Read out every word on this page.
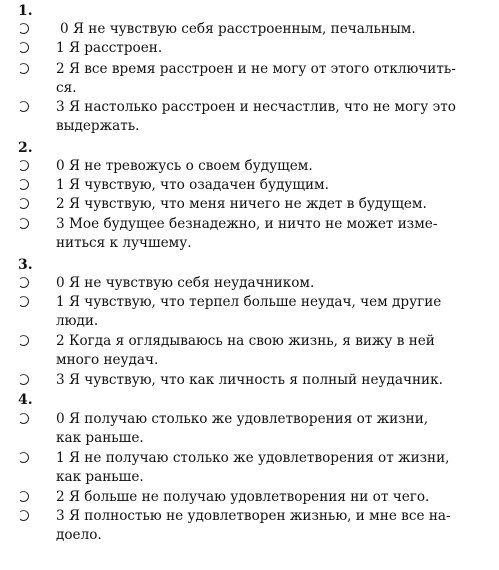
1.
0 Я не чувствую себя расстроенным, печальным.
1 Я расстроен.
2 Я все время расстроен и не могу от этого отключить-
ся.
3 Я настолько расстроен и несчастлив, что не могу это
выдержать.
2.
0 Я не тревожусь о своем будущем.
1 Я чувствую, что озадачен будущим.
2 Я чувствую, что меня ничего не ждет в будущем.
3 Мое будущее безнадежно, и ничто не может изме-
ниться к лучшему.
3.
0 Я не чувствую себя неудачником.
1 Я чувствую, что терпел больше неудач, чем другие
люди.
2 Когда я оглядываюсь на свою жизнь, я вижу в ней
много неудач.
3 Я чувствую, что как личность я полный неудачник.
4.
0 Я получаю столько же удовлетворения от жизни,
как раньше.
1 Я не получаю столько же удовлетворения от жизни,
как раньше.
2 Я больше не получаю удовлетворения ни от чего.
3 Я полностью не удовлетворен жизнью, и мне все на-
доело.
